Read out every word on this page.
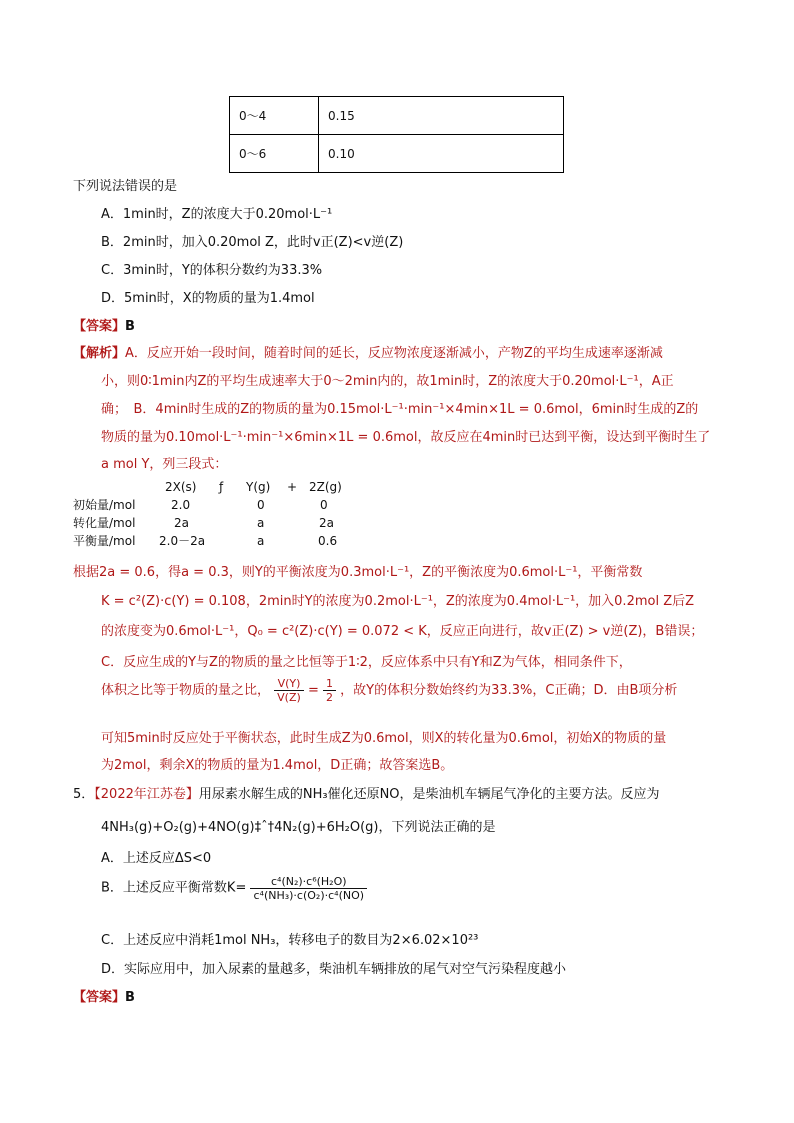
0～4	0.15
0～6	0.10
下列说法错误的是
A．1min时，Z的浓度大于0.20mol·L⁻¹
B．2min时，加入0.20mol Z，此时v正(Z)<v逆(Z)
C．3min时，Y的体积分数约为33.3%
D．5min时，X的物质的量为1.4mol
【答案】B
【解析】A．反应开始一段时间，随着时间的延长，反应物浓度逐渐减小，产物Z的平均生成速率逐渐减
小，则0∶1min内Z的平均生成速率大于0～2min内的，故1min时，Z的浓度大于0.20mol·L⁻¹，A正
确；　B．4min时生成的Z的物质的量为0.15mol·L⁻¹·min⁻¹×4min×1L = 0.6mol，6min时生成的Z的
物质的量为0.10mol·L⁻¹·min⁻¹×6min×1L = 0.6mol，故反应在4min时已达到平衡，设达到平衡时生了
a mol Y，列三段式：
2X(s) ƒ Y(g) + 2Z(g)
初始量/mol	2.0	0	0
转化量/mol	2a	a	2a
平衡量/mol 2.0－2a	a	0.6
根据2a = 0.6，得a = 0.3，则Y的平衡浓度为0.3mol·L⁻¹，Z的平衡浓度为0.6mol·L⁻¹，平衡常数
K = c²(Z)·c(Y) = 0.108，2min时Y的浓度为0.2mol·L⁻¹，Z的浓度为0.4mol·L⁻¹，加入0.2mol Z后Z
的浓度变为0.6mol·L⁻¹，Q₀ = c²(Z)·c(Y) = 0.072 < K，反应正向进行，故v正(Z) > v逆(Z)，B错误；
C．反应生成的Y与Z的物质的量之比恒等于1∶2，反应体系中只有Y和Z为气体，相同条件下，
体积之比等于物质的量之比， $\frac{V(Y)}{V(Z)} = \frac{1}{2}$ ，故Y的体积分数始终约为33.3%，C正确；D．由B项分析
可知5min时反应处于平衡状态，此时生成Z为0.6mol，则X的转化量为0.6mol，初始X的物质的量
为2mol，剩余X的物质的量为1.4mol，D正确；故答案选B。
5．【2022年江苏卷】用尿素水解生成的NH₃催化还原NO，是柴油机车辆尾气净化的主要方法。反应为
4NH₃(g)+O₂(g)+4NO(g)‡ˆ†4N₂(g)+6H₂O(g)，下列说法正确的是
A．上述反应ΔS<0
B．上述反应平衡常数$K= \frac{\text{c⁴(N₂)·c⁶(H₂O)}}{\text{c⁴(NH₃)·c(O₂)·c⁴(NO)}}$
C．上述反应中消耗1mol NH₃，转移电子的数目为2×6.02×10²³
D．实际应用中，加入尿素的量越多，柴油机车辆排放的尾气对空气污染程度越小
【答案】B
